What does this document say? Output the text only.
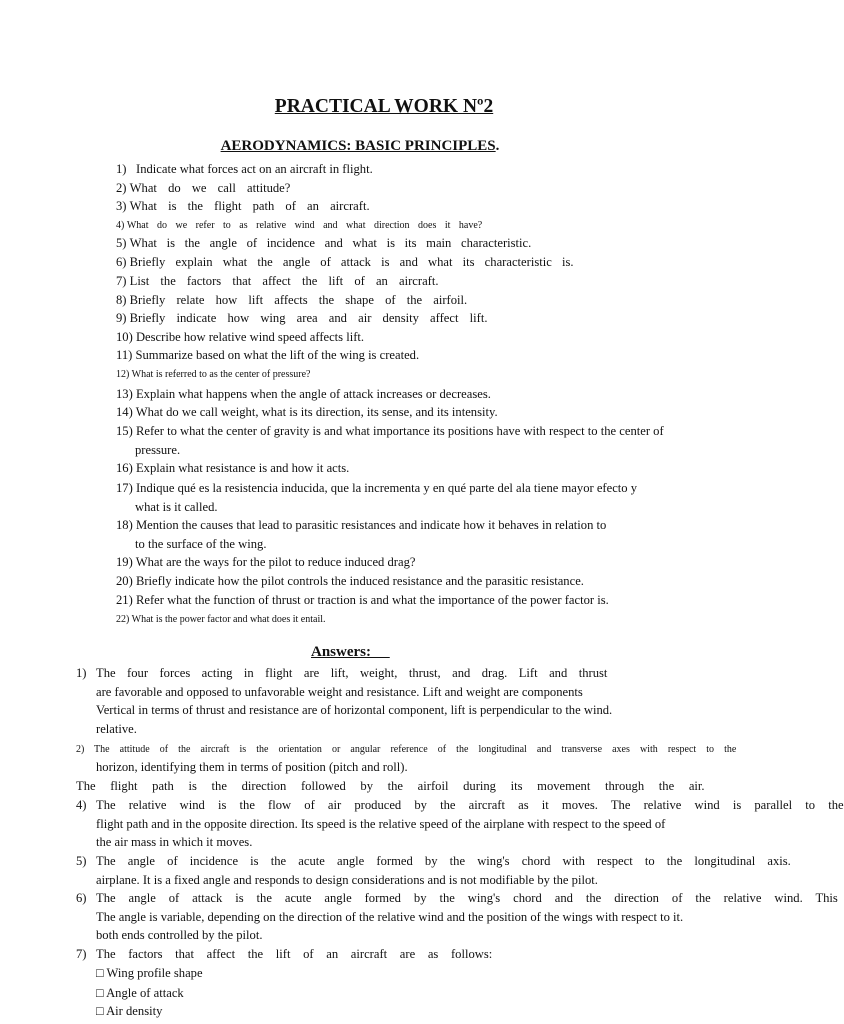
PRACTICAL WORK Nº2
AERODYNAMICS: BASIC PRINCIPLES.
1) Indicate what forces act on an aircraft in flight.
2) What do we call attitude?
3) What is the flight path of an aircraft.
4) What do we refer to as relative wind and what direction does it have?
5) What is the angle of incidence and what is its main characteristic.
6) Briefly explain what the angle of attack is and what its characteristic is.
7) List the factors that affect the lift of an aircraft.
8) Briefly relate how lift affects the shape of the airfoil.
9) Briefly indicate how wing area and air density affect lift.
10) Describe how relative wind speed affects lift.
11) Summarize based on what the lift of the wing is created.
12) What is referred to as the center of pressure?
13) Explain what happens when the angle of attack increases or decreases.
14) What do we call weight, what is its direction, its sense, and its intensity.
15) Refer to what the center of gravity is and what importance its positions have with respect to the center of
pressure.
16) Explain what resistance is and how it acts.
17) Indique qué es la resistencia inducida, que la incrementa y en qué parte del ala tiene mayor efecto y
what is it called.
18) Mention the causes that lead to parasitic resistances and indicate how it behaves in relation to
to the surface of the wing.
19) What are the ways for the pilot to reduce induced drag?
20) Briefly indicate how the pilot controls the induced resistance and the parasitic resistance.
21) Refer what the function of thrust or traction is and what the importance of the power factor is.
22) What is the power factor and what does it entail.
Answers:
1) The four forces acting in flight are lift, weight, thrust, and drag. Lift and thrust
are favorable and opposed to unfavorable weight and resistance. Lift and weight are components
Vertical in terms of thrust and resistance are of horizontal component, lift is perpendicular to the wind.
relative.
2) The attitude of the aircraft is the orientation or angular reference of the longitudinal and transverse axes with respect to the
horizon, identifying them in terms of position (pitch and roll).
The flight path is the direction followed by the airfoil during its movement through the air.
4) The relative wind is the flow of air produced by the aircraft as it moves. The relative wind is parallel to the
flight path and in the opposite direction. Its speed is the relative speed of the airplane with respect to the speed of
the air mass in which it moves.
5) The angle of incidence is the acute angle formed by the wing's chord with respect to the longitudinal axis.
airplane. It is a fixed angle and responds to design considerations and is not modifiable by the pilot.
6) The angle of attack is the acute angle formed by the wing's chord and the direction of the relative wind. This
The angle is variable, depending on the direction of the relative wind and the position of the wings with respect to it.
both ends controlled by the pilot.
7) The factors that affect the lift of an aircraft are as follows:
□ Wing profile shape
□ Angle of attack
□ Air density
